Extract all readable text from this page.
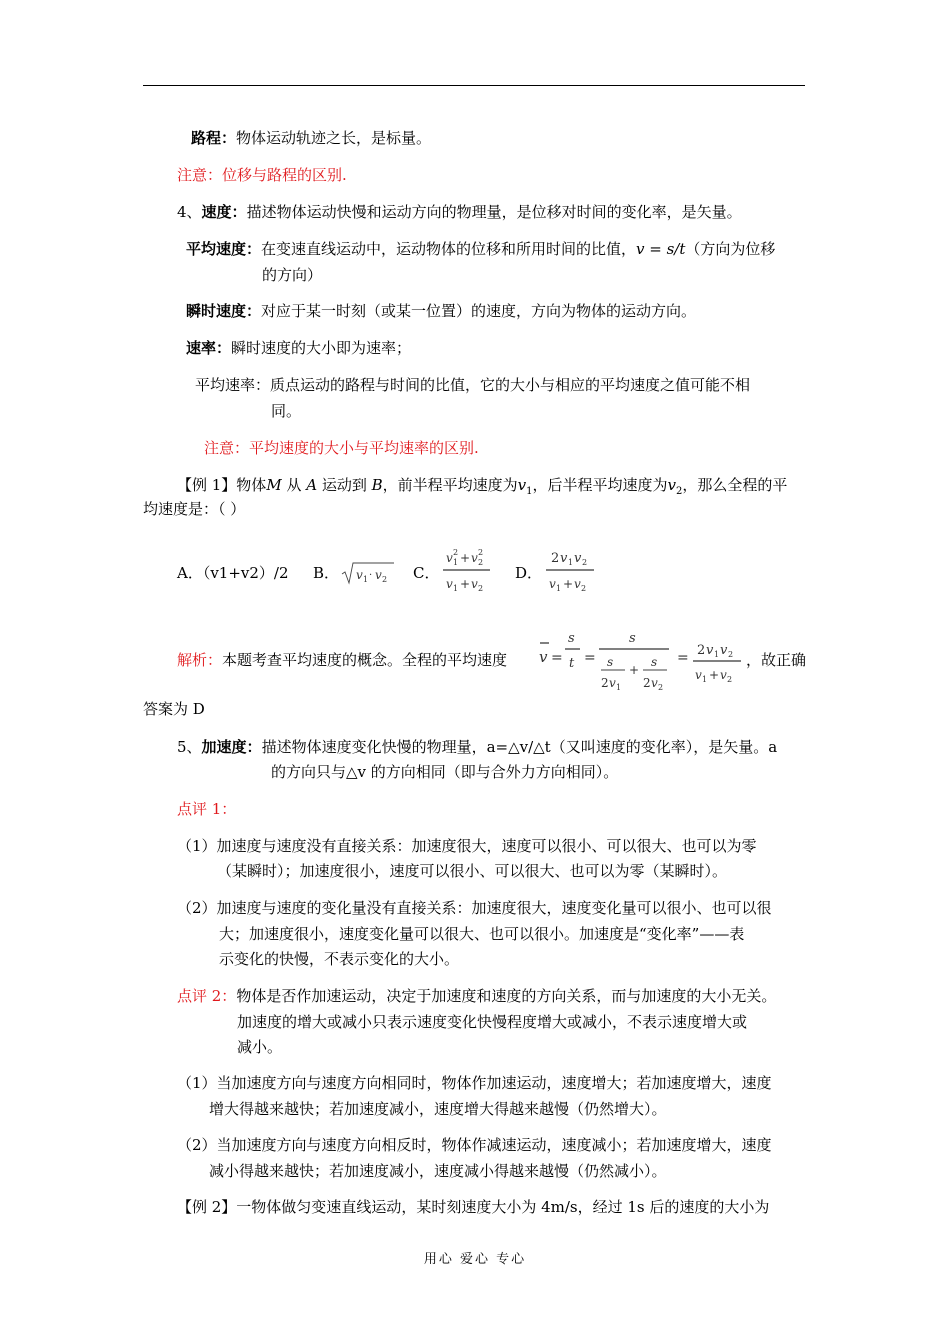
路程：物体运动轨迹之长，是标量。
注意：位移与路程的区别.
4、速度：描述物体运动快慢和运动方向的物理量，是位移对时间的变化率，是矢量。
平均速度：在变速直线运动中，运动物体的位移和所用时间的比值，v = s/t（方向为位移
的方向）
瞬时速度：对应于某一时刻（或某一位置）的速度，方向为物体的运动方向。
速率：瞬时速度的大小即为速率；
平均速率：质点运动的路程与时间的比值，它的大小与相应的平均速度之值可能不相
同。
注意：平均速度的大小与平均速率的区别.
【例 1】物体M 从 A 运动到 B，前半程平均速度为$v_1$，后半程平均速度为$v_2$，那么全程的平
均速度是：（ ）
A．（v1+v2）/2 B． v 1 · v 2 C．
v 1
2 + v 2
2
v 1 + v 2
D．
2 v 1 v 2
v 1 + v 2
解析：本题考查平均速度的概念。全程的平均速度 v =
s
t =
s
s
2 v 1
+
s
2 v 2
= 2 v 1 v 2
v 1 + v 2
，故正确
答案为 D
5、加速度：描述物体速度变化快慢的物理量，a=△v/△t（又叫速度的变化率），是矢量。a
的方向只与△v 的方向相同（即与合外力方向相同）。
点评 1：
（1）加速度与速度没有直接关系：加速度很大，速度可以很小、可以很大、也可以为零
（某瞬时）；加速度很小，速度可以很小、可以很大、也可以为零（某瞬时）。
（2）加速度与速度的变化量没有直接关系：加速度很大，速度变化量可以很小、也可以很
大；加速度很小，速度变化量可以很大、也可以很小。加速度是“变化率”——表
示变化的快慢，不表示变化的大小。
点评 2：物体是否作加速运动，决定于加速度和速度的方向关系，而与加速度的大小无关。
加速度的增大或减小只表示速度变化快慢程度增大或减小，不表示速度增大或
减小。
（1）当加速度方向与速度方向相同时，物体作加速运动，速度增大；若加速度增大，速度
增大得越来越快；若加速度减小，速度增大得越来越慢（仍然增大）。
（2）当加速度方向与速度方向相反时，物体作减速运动，速度减小；若加速度增大，速度
减小得越来越快；若加速度减小，速度减小得越来越慢（仍然减小）。
【例 2】一物体做匀变速直线运动，某时刻速度大小为 4m/s，经过 1s 后的速度的大小为
用心 爱心 专心
